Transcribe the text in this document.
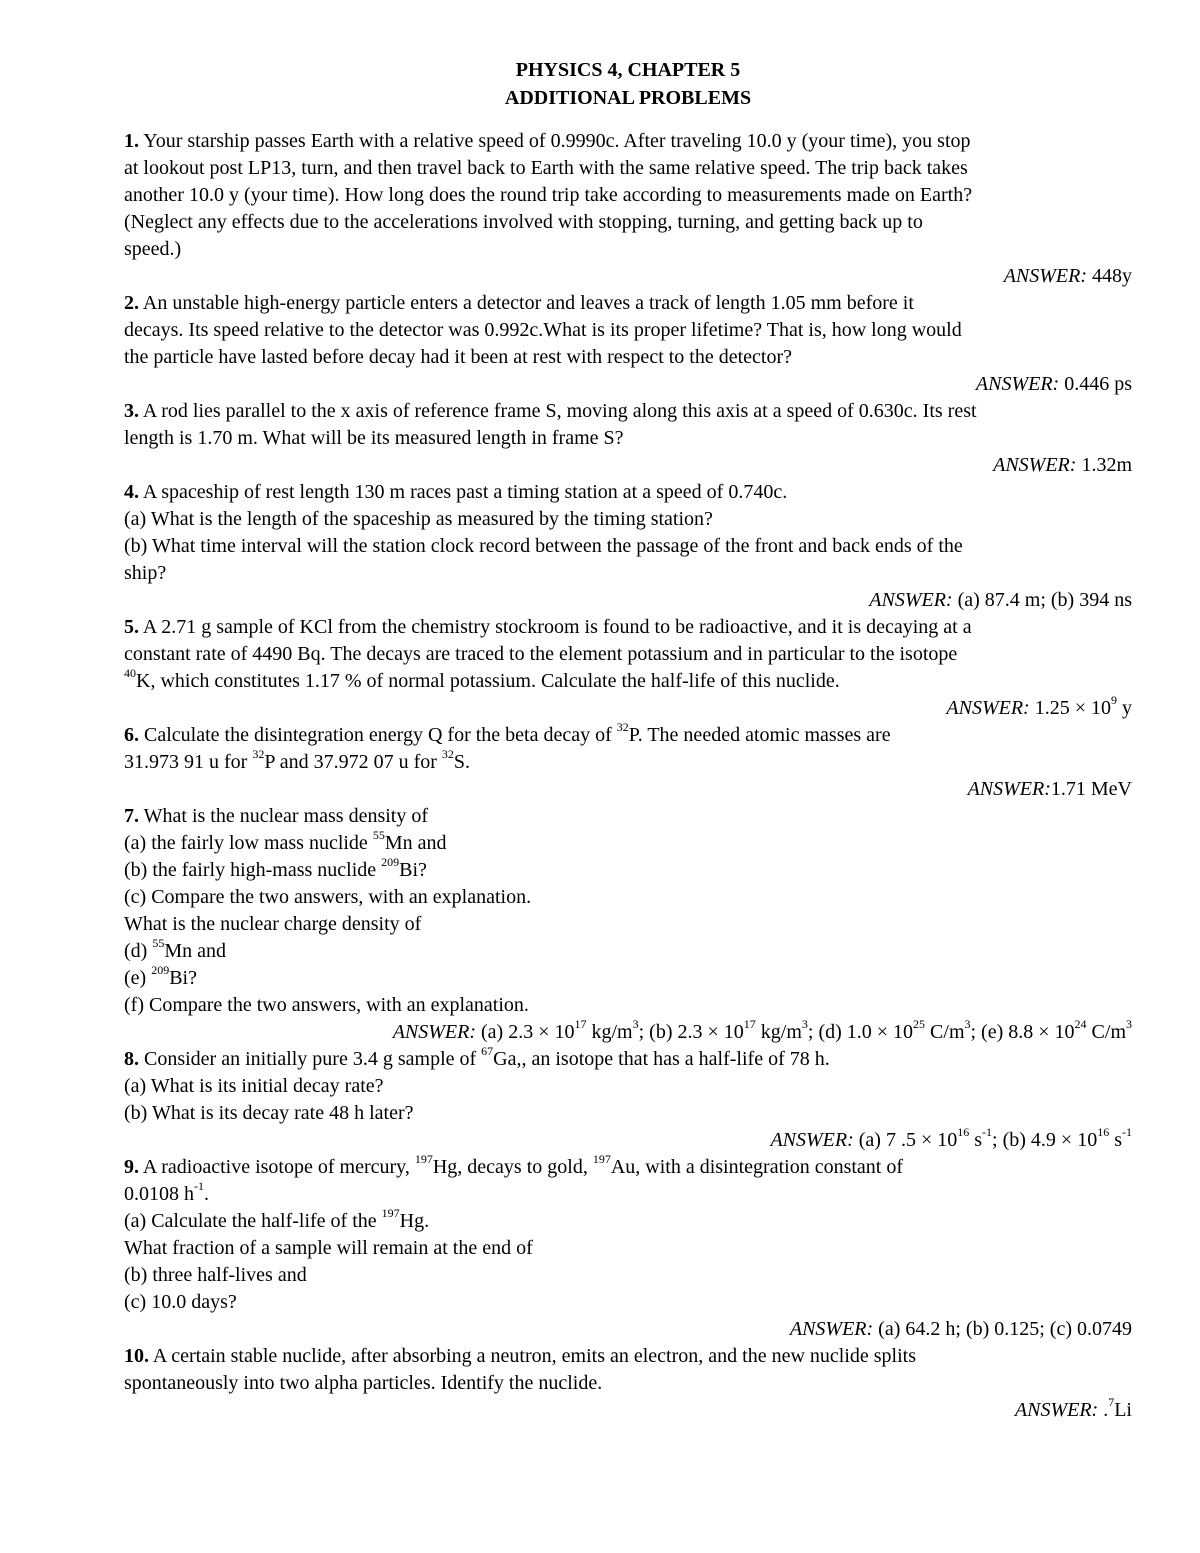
PHYSICS 4, CHAPTER 5
ADDITIONAL PROBLEMS
1. Your starship passes Earth with a relative speed of 0.9990c. After traveling 10.0 y (your time), you stop
at lookout post LP13, turn, and then travel back to Earth with the same relative speed. The trip back takes
another 10.0 y (your time). How long does the round trip take according to measurements made on Earth?
(Neglect any effects due to the accelerations involved with stopping, turning, and getting back up to
speed.)
ANSWER: 448y
2. An unstable high-energy particle enters a detector and leaves a track of length 1.05 mm before it
decays. Its speed relative to the detector was 0.992c.What is its proper lifetime? That is, how long would
the particle have lasted before decay had it been at rest with respect to the detector?
ANSWER: 0.446 ps
3. A rod lies parallel to the x axis of reference frame S, moving along this axis at a speed of 0.630c. Its rest
length is 1.70 m. What will be its measured length in frame S?
ANSWER: 1.32m
4. A spaceship of rest length 130 m races past a timing station at a speed of 0.740c.
(a) What is the length of the spaceship as measured by the timing station?
(b) What time interval will the station clock record between the passage of the front and back ends of the
ship?
ANSWER: (a) 87.4 m; (b) 394 ns
5. A 2.71 g sample of KCl from the chemistry stockroom is found to be radioactive, and it is decaying at a
constant rate of 4490 Bq. The decays are traced to the element potassium and in particular to the isotope
$^{40}$K, which constitutes 1.17 % of normal potassium. Calculate the half-life of this nuclide.
ANSWER: $1.25 \times 10^9$ y
6. Calculate the disintegration energy Q for the beta decay of $^{32}$P. The needed atomic masses are
31.973 91 u for $^{32}$P and 37.972 07 u for $^{32}$S.
ANSWER:1.71 MeV
7. What is the nuclear mass density of
(a) the fairly low mass nuclide $^{55}$Mn and
(b) the fairly high-mass nuclide $^{209}$Bi?
(c) Compare the two answers, with an explanation.
What is the nuclear charge density of
(d) $^{55}$Mn and
(e) $^{209}$Bi?
(f) Compare the two answers, with an explanation.
ANSWER: (a) $2.3 \times 10^{17}$ $kg/m^3$; (b) $2.3 \times 10^{17}$ $kg/m^3$; (d) $1.0 \times 10^{25}$ $C/m^3$; (e) $8.8 \times 10^{24}$ $C/m^3$
8. Consider an initially pure 3.4 g sample of $^{67}$Ga,, an isotope that has a half-life of 78 h.
(a) What is its initial decay rate?
(b) What is its decay rate 48 h later?
ANSWER: (a) 7 $.5 \times 10^{16}$ $s^{-1}$; (b) $4.9 \times 10^{16}$ $s^{-1}$
9. A radioactive isotope of mercury, $^{197}$Hg, decays to gold, $^{197}$Au, with a disintegration constant of
0.0108 $h^{-1}$.
(a) Calculate the half-life of the $^{197}$Hg.
What fraction of a sample will remain at the end of
(b) three half-lives and
(c) 10.0 days?
ANSWER: (a) 64.2 h; (b) 0.125; (c) 0.0749
10. A certain stable nuclide, after absorbing a neutron, emits an electron, and the new nuclide splits
spontaneously into two alpha particles. Identify the nuclide.
ANSWER: .$^7$Li
